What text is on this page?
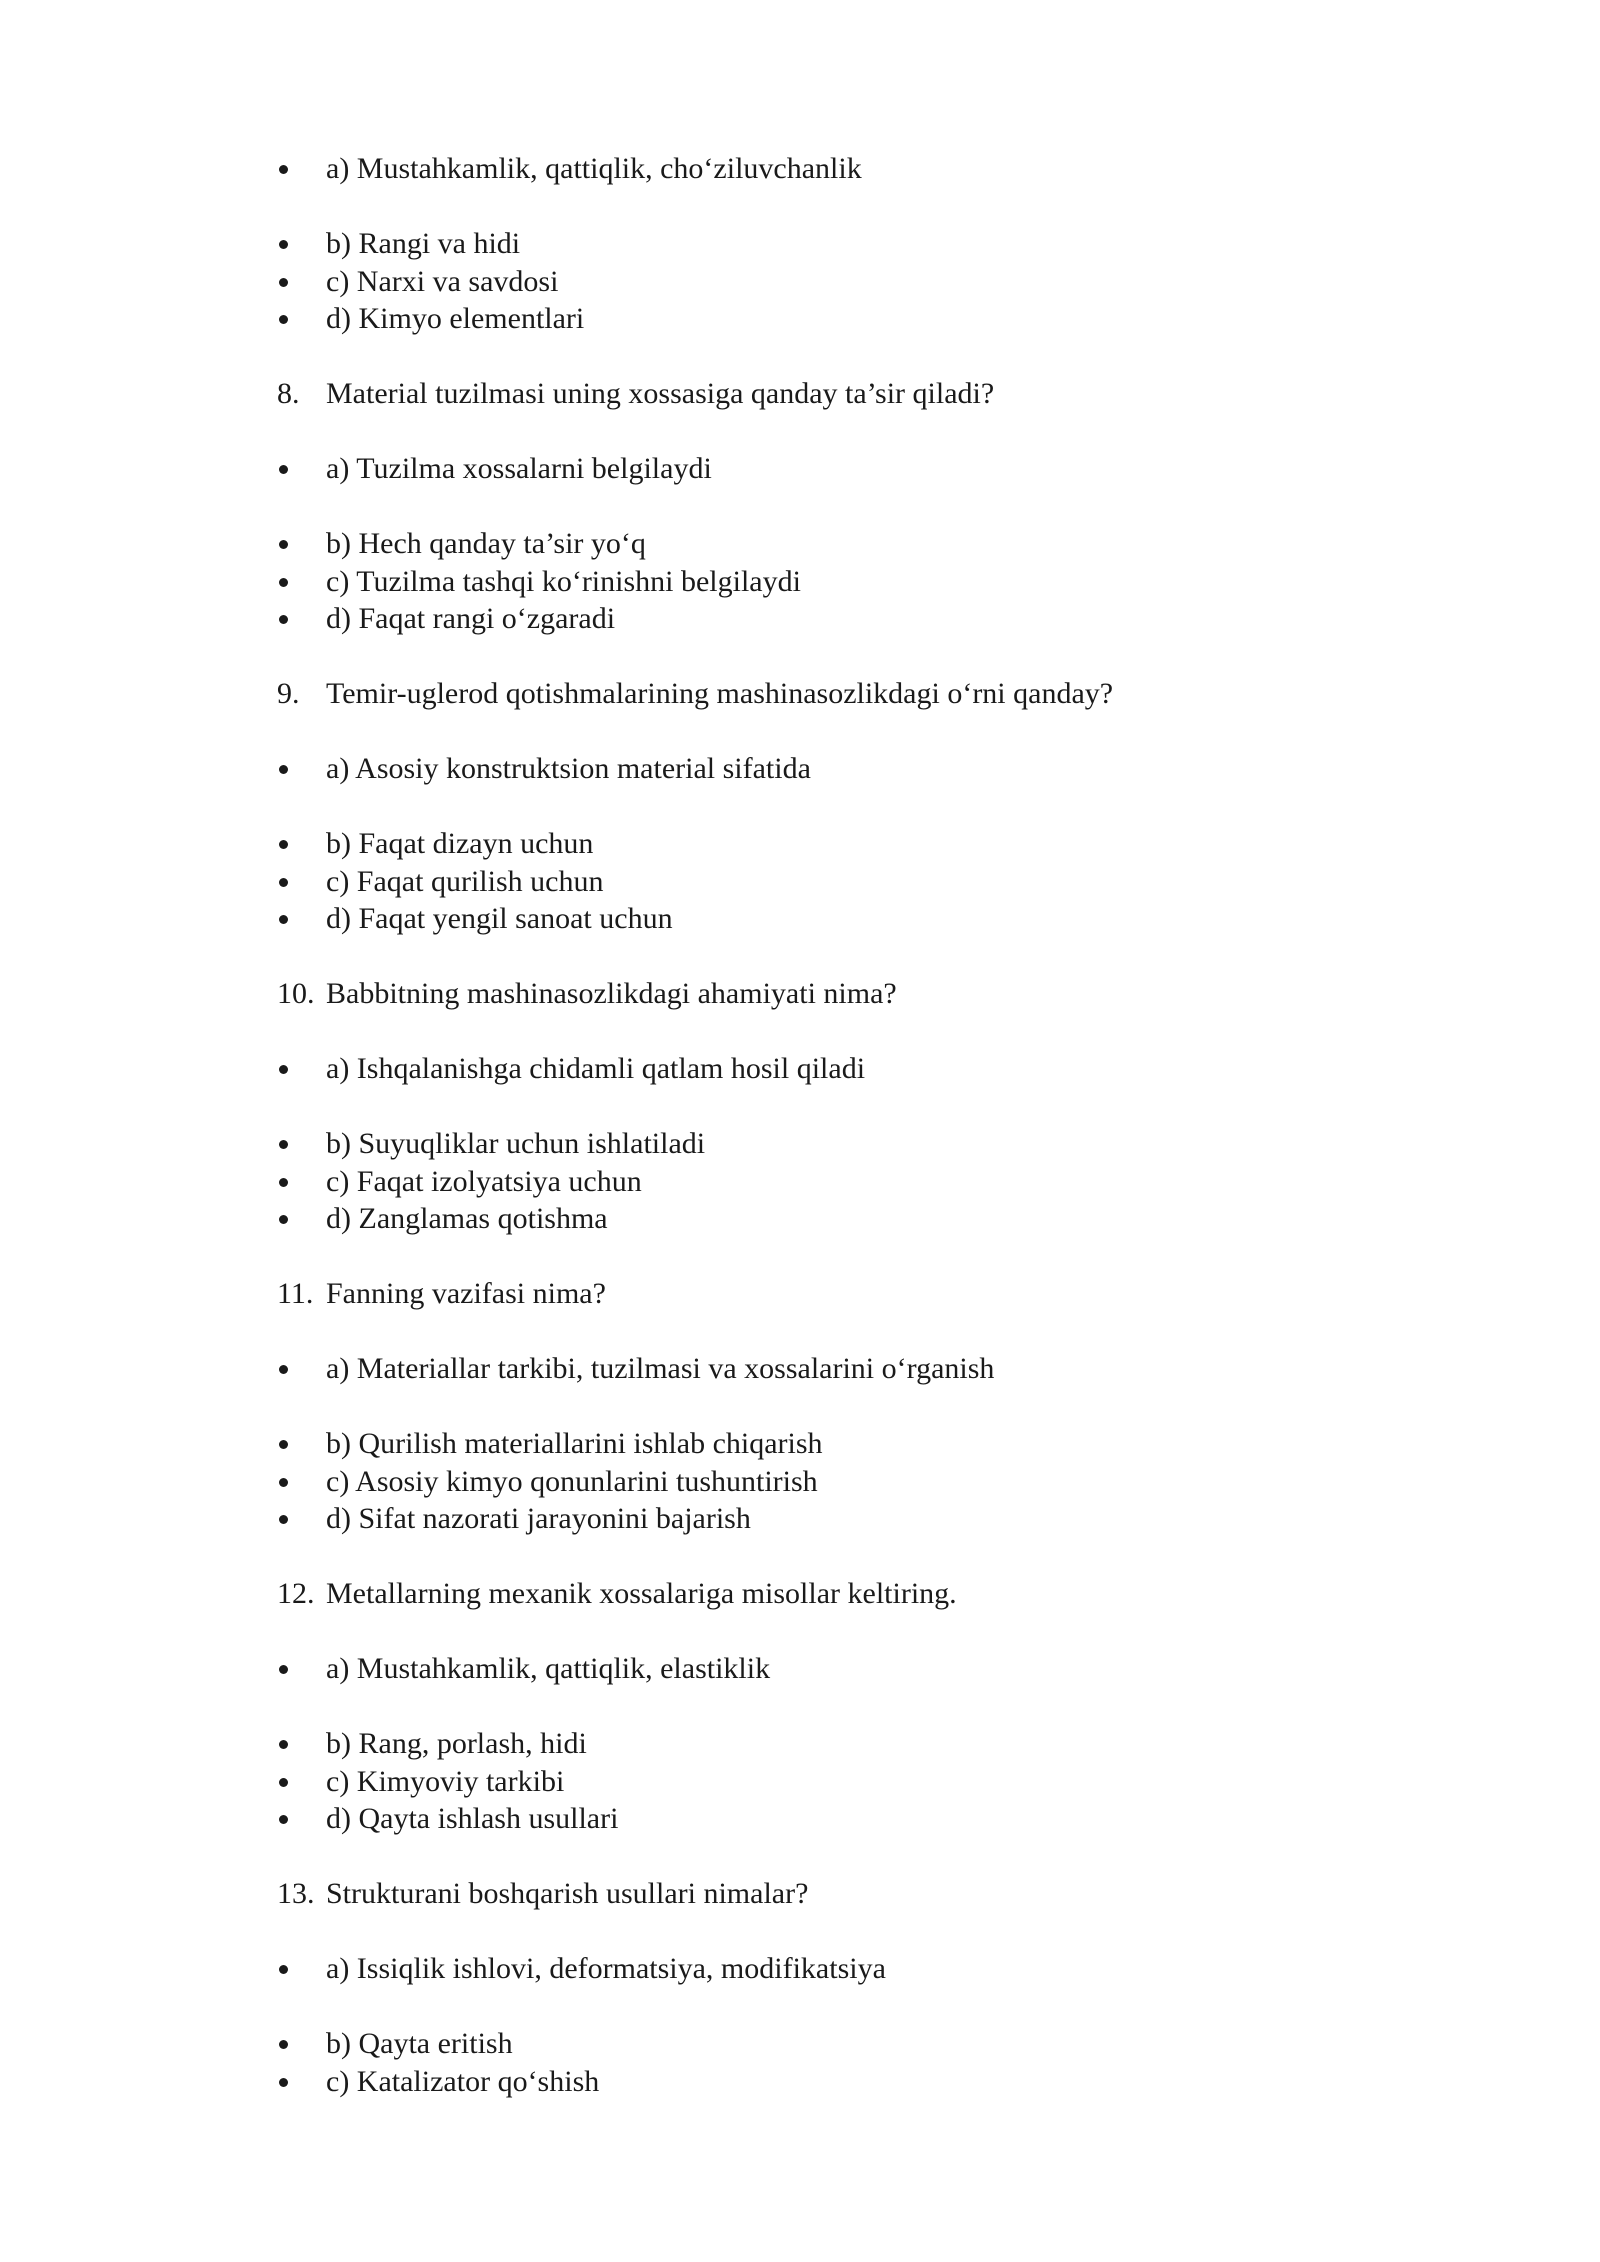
a) Mustahkamlik, qattiqlik, cho‘ziluvchanlik
b) Rangi va hidi
c) Narxi va savdosi
d) Kimyo elementlari
8. Material tuzilmasi uning xossasiga qanday ta’sir qiladi?
a) Tuzilma xossalarni belgilaydi
b) Hech qanday ta’sir yo‘q
c) Tuzilma tashqi ko‘rinishni belgilaydi
d) Faqat rangi o‘zgaradi
9. Temir-uglerod qotishmalarining mashinasozlikdagi o‘rni qanday?
a) Asosiy konstruktsion material sifatida
b) Faqat dizayn uchun
c) Faqat qurilish uchun
d) Faqat yengil sanoat uchun
10. Babbitning mashinasozlikdagi ahamiyati nima?
a) Ishqalanishga chidamli qatlam hosil qiladi
b) Suyuqliklar uchun ishlatiladi
c) Faqat izolyatsiya uchun
d) Zanglamas qotishma
11. Fanning vazifasi nima?
a) Materiallar tarkibi, tuzilmasi va xossalarini o‘rganish
b) Qurilish materiallarini ishlab chiqarish
c) Asosiy kimyo qonunlarini tushuntirish
d) Sifat nazorati jarayonini bajarish
12. Metallarning mexanik xossalariga misollar keltiring.
a) Mustahkamlik, qattiqlik, elastiklik
b) Rang, porlash, hidi
c) Kimyoviy tarkibi
d) Qayta ishlash usullari
13. Strukturani boshqarish usullari nimalar?
a) Issiqlik ishlovi, deformatsiya, modifikatsiya
b) Qayta eritish
c) Katalizator qo‘shish
